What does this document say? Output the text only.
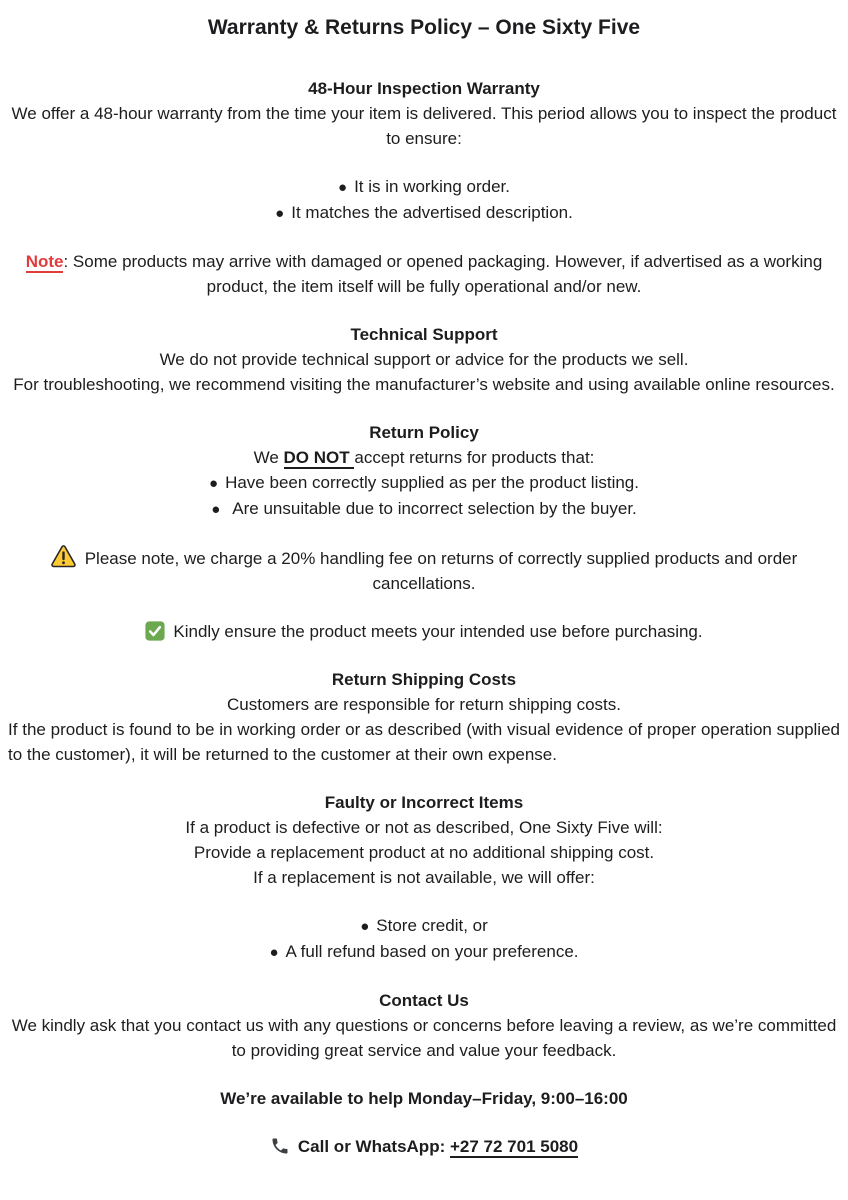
Warranty & Returns Policy – One Sixty Five
48-Hour Inspection Warranty
We offer a 48-hour warranty from the time your item is delivered. This period allows you to inspect the product to ensure:
● It is in working order.
● It matches the advertised description.
Note: Some products may arrive with damaged or opened packaging. However, if advertised as a working product, the item itself will be fully operational and/or new.
Technical Support
We do not provide technical support or advice for the products we sell.
For troubleshooting, we recommend visiting the manufacturer’s website and using available online resources.
Return Policy
We DO NOT accept returns for products that:
● Have been correctly supplied as per the product listing.
● Are unsuitable due to incorrect selection by the buyer.
Please note, we charge a 20% handling fee on returns of correctly supplied products and order cancellations.
Kindly ensure the product meets your intended use before purchasing.
Return Shipping Costs
Customers are responsible for return shipping costs.
If the product is found to be in working order or as described (with visual evidence of proper operation supplied to the customer), it will be returned to the customer at their own expense.
Faulty or Incorrect Items
If a product is defective or not as described, One Sixty Five will:
Provide a replacement product at no additional shipping cost.
If a replacement is not available, we will offer:
● Store credit, or
● A full refund based on your preference.
Contact Us
We kindly ask that you contact us with any questions or concerns before leaving a review, as we’re committed to providing great service and value your feedback.
We’re available to help Monday–Friday, 9:00–16:00
Call or WhatsApp: +27 72 701 5080
